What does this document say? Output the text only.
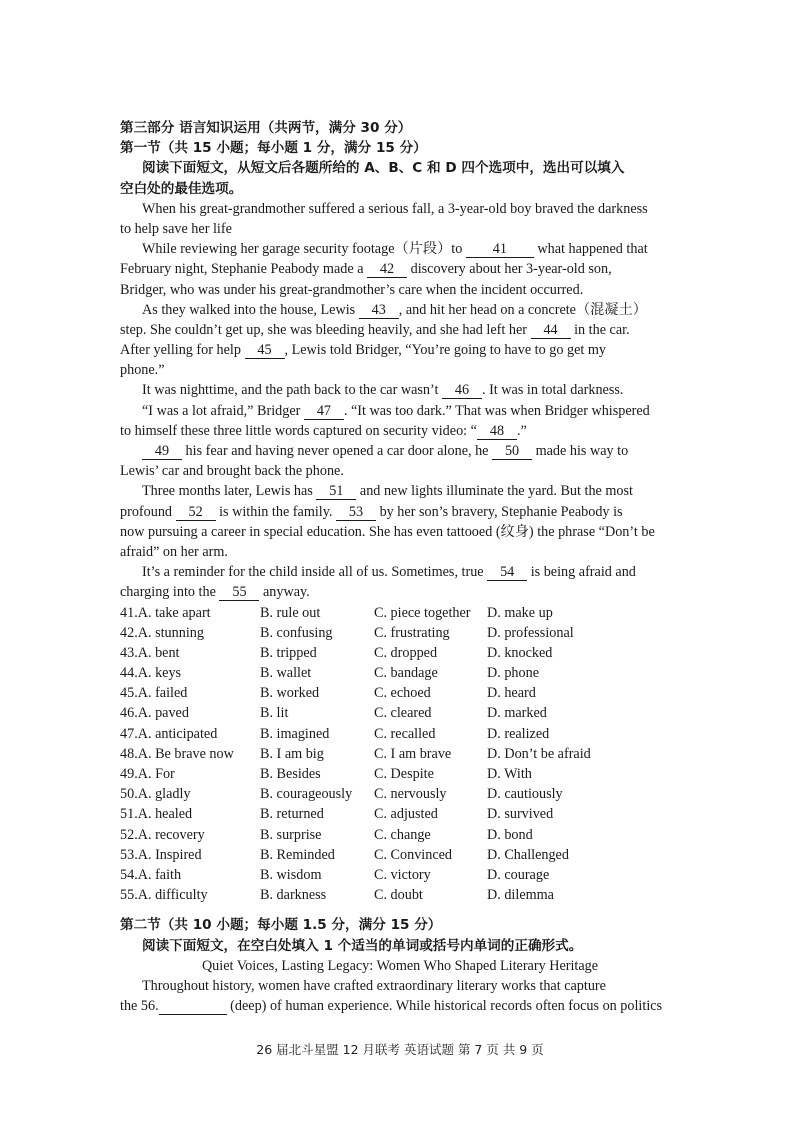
第三部分 语言知识运用（共两节，满分 30 分）
第一节（共 15 小题；每小题 1 分，满分 15 分）
阅读下面短文，从短文后各题所给的 A、B、C 和 D 四个选项中，选出可以填入
空白处的最佳选项。
When his great-grandmother suffered a serious fall, a 3-year-old boy braved the darkness
to help save her life
While reviewing her garage security footage（片段）to 41 what happened that
February night, Stephanie Peabody made a 42 discovery about her 3-year-old son,
Bridger, who was under his great-grandmother’s care when the incident occurred.
As they walked into the house, Lewis 43 , and hit her head on a concrete（混凝土）
step. She couldn’t get up, she was bleeding heavily, and she had left her 44 in the car.
After yelling for help 45 , Lewis told Bridger, “You’re going to have to go get my
phone.”
It was nighttime, and the path back to the car wasn’t 46 . It was in total darkness.
“I was a lot afraid,” Bridger 47 . “It was too dark.” That was when Bridger whispered
to himself these three little words captured on security video: “ 48 .”
49 his fear and having never opened a car door alone, he 50 made his way to
Lewis’ car and brought back the phone.
Three months later, Lewis has 51 and new lights illuminate the yard. But the most
profound 52 is within the family. 53 by her son’s bravery, Stephanie Peabody is
now pursuing a career in special education. She has even tattooed (纹身) the phrase “Don’t be
afraid” on her arm.
It’s a reminder for the child inside all of us. Sometimes, true 54 is being afraid and
charging into the 55 anyway.
41.A. take apart	B. rule out	C. piece together	D. make up
42.A. stunning	B. confusing	C. frustrating	D. professional
43.A. bent	B. tripped	C. dropped	D. knocked
44.A. keys	B. wallet	C. bandage	D. phone
45.A. failed	B. worked	C. echoed	D. heard
46.A. paved	B. lit	C. cleared	D. marked
47.A. anticipated	B. imagined	C. recalled	D. realized
48.A. Be brave now	B. I am big	C. I am brave	D. Don’t be afraid
49.A. For	B. Besides	C. Despite	D. With
50.A. gladly	B. courageously	C. nervously	D. cautiously
51.A. healed	B. returned	C. adjusted	D. survived
52.A. recovery	B. surprise	C. change	D. bond
53.A. Inspired	B. Reminded	C. Convinced	D. Challenged
54.A. faith	B. wisdom	C. victory	D. courage
55.A. difficulty	B. darkness	C. doubt	D. dilemma
第二节（共 10 小题；每小题 1.5 分，满分 15 分）
阅读下面短文，在空白处填入 1 个适当的单词或括号内单词的正确形式。
Quiet Voices, Lasting Legacy: Women Who Shaped Literary Heritage
Throughout history, women have crafted extraordinary literary works that capture
the 56.	(deep) of human experience. While historical records often focus on politics
26 届北斗星盟 12 月联考 英语试题 第 7 页 共 9 页
